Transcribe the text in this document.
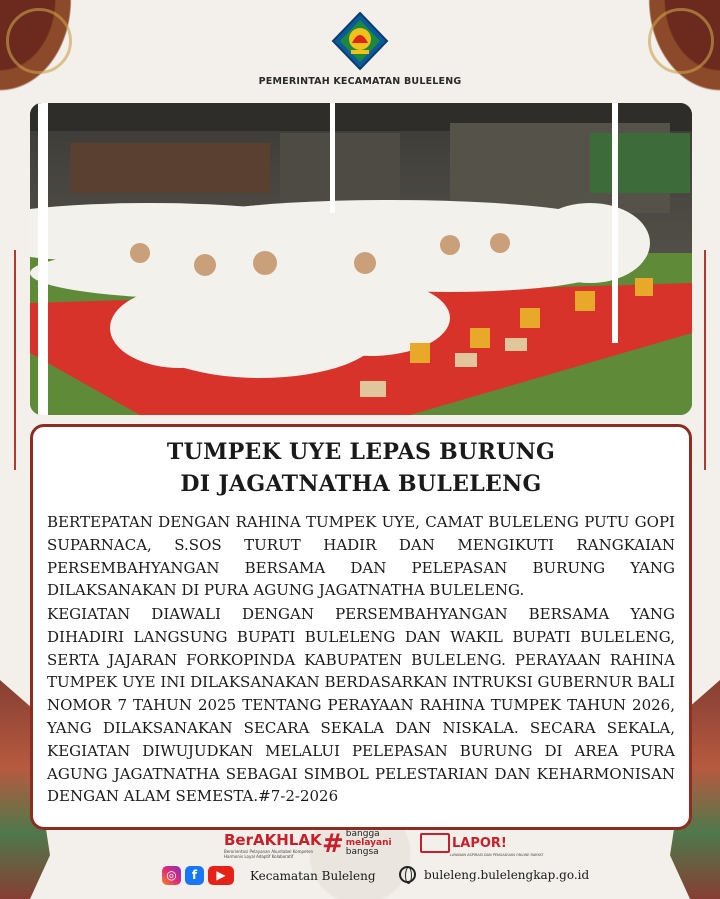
PEMERINTAH KECAMATAN BULELENG
TUMPEK UYE LEPAS BURUNG
DI JAGATNATHA BULELENG

BERTEPATAN DENGAN RAHINA TUMPEK UYE, CAMAT BULELENG PUTU GOPI SUPARNACA, S.SOS TURUT HADIR DAN MENGIKUTI RANGKAIAN PERSEMBAHYANGAN BERSAMA DAN PELEPASAN BURUNG YANG DILAKSANAKAN DI PURA AGUNG JAGATNATHA BULELENG.

KEGIATAN DIAWALI DENGAN PERSEMBAHYANGAN BERSAMA YANG DIHADIRI LANGSUNG BUPATI BULELENG DAN WAKIL BUPATI BULELENG, SERTA JAJARAN FORKOPINDA KABUPATEN BULELENG. PERAYAAN RAHINA TUMPEK UYE INI DILAKSANAKAN BERDASARKAN INTRUKSI GUBERNUR BALI NOMOR 7 TAHUN 2025 TENTANG PERAYAAN RAHINA TUMPEK TAHUN 2026, YANG DILAKSANAKAN SECARA SEKALA DAN NISKALA. SECARA SEKALA, KEGIATAN DIWUJUDKAN MELALUI PELEPASAN BURUNG DI AREA PURA AGUNG JAGATNATHA SEBAGAI SIMBOL PELESTARIAN DAN KEHARMONISAN DENGAN ALAM SEMESTA.#7-2-2026

BerAKHLAK
Berorientasi Pelayanan Akuntabel Kompeten Harmonis Loyal Adaptif Kolaboratif	# bangga
melayani
bangsa
LAPOR!
LAYANAN ASPIRASI DAN PENGADUAN ONLINE RAKYAT
◎	f	▶	Kecamatan Buleleng	buleleng.bulelengkap.go.id
